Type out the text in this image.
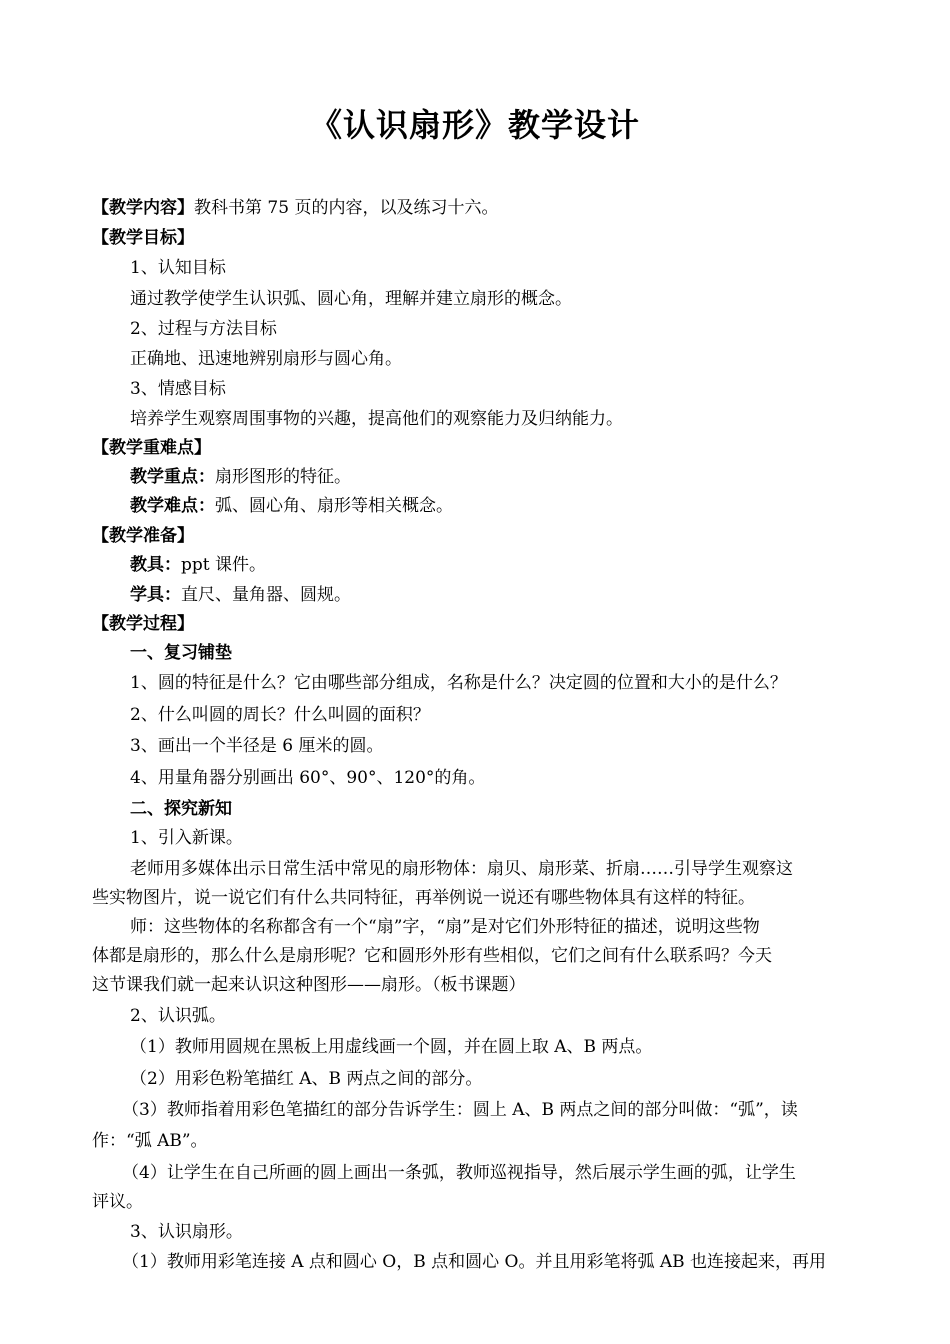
《认识扇形》教学设计
【教学内容】教科书第 75 页的内容，以及练习十六。
【教学目标】
1、认知目标
通过教学使学生认识弧、圆心角，理解并建立扇形的概念。
2、过程与方法目标
正确地、迅速地辨别扇形与圆心角。
3、情感目标
培养学生观察周围事物的兴趣，提高他们的观察能力及归纳能力。
【教学重难点】
教学重点：扇形图形的特征。
教学难点：弧、圆心角、扇形等相关概念。
【教学准备】
教具：ppt 课件。
学具：直尺、量角器、圆规。
【教学过程】
一、复习铺垫
1、圆的特征是什么？它由哪些部分组成，名称是什么？决定圆的位置和大小的是什么？
2、什么叫圆的周长？什么叫圆的面积？
3、画出一个半径是 6 厘米的圆。
4、用量角器分别画出 60°、90°、120°的角。
二、探究新知
1、引入新课。
老师用多媒体出示日常生活中常见的扇形物体：扇贝、扇形菜、折扇……引导学生观察这
些实物图片，说一说它们有什么共同特征，再举例说一说还有哪些物体具有这样的特征。
师：这些物体的名称都含有一个“扇”字，“扇”是对它们外形特征的描述，说明这些物
体都是扇形的，那么什么是扇形呢？它和圆形外形有些相似，它们之间有什么联系吗？今天
这节课我们就一起来认识这种图形——扇形。（板书课题）
2、认识弧。
（1）教师用圆规在黑板上用虚线画一个圆，并在圆上取 A、B 两点。
（2）用彩色粉笔描红 A、B 两点之间的部分。
（3）教师指着用彩色笔描红的部分告诉学生：圆上 A、B 两点之间的部分叫做：“弧”，读
作：“弧 AB”。
（4）让学生在自己所画的圆上画出一条弧，教师巡视指导，然后展示学生画的弧，让学生
评议。
3、认识扇形。
（1）教师用彩笔连接 A 点和圆心 O，B 点和圆心 O。并且用彩笔将弧 AB 也连接起来，再用
